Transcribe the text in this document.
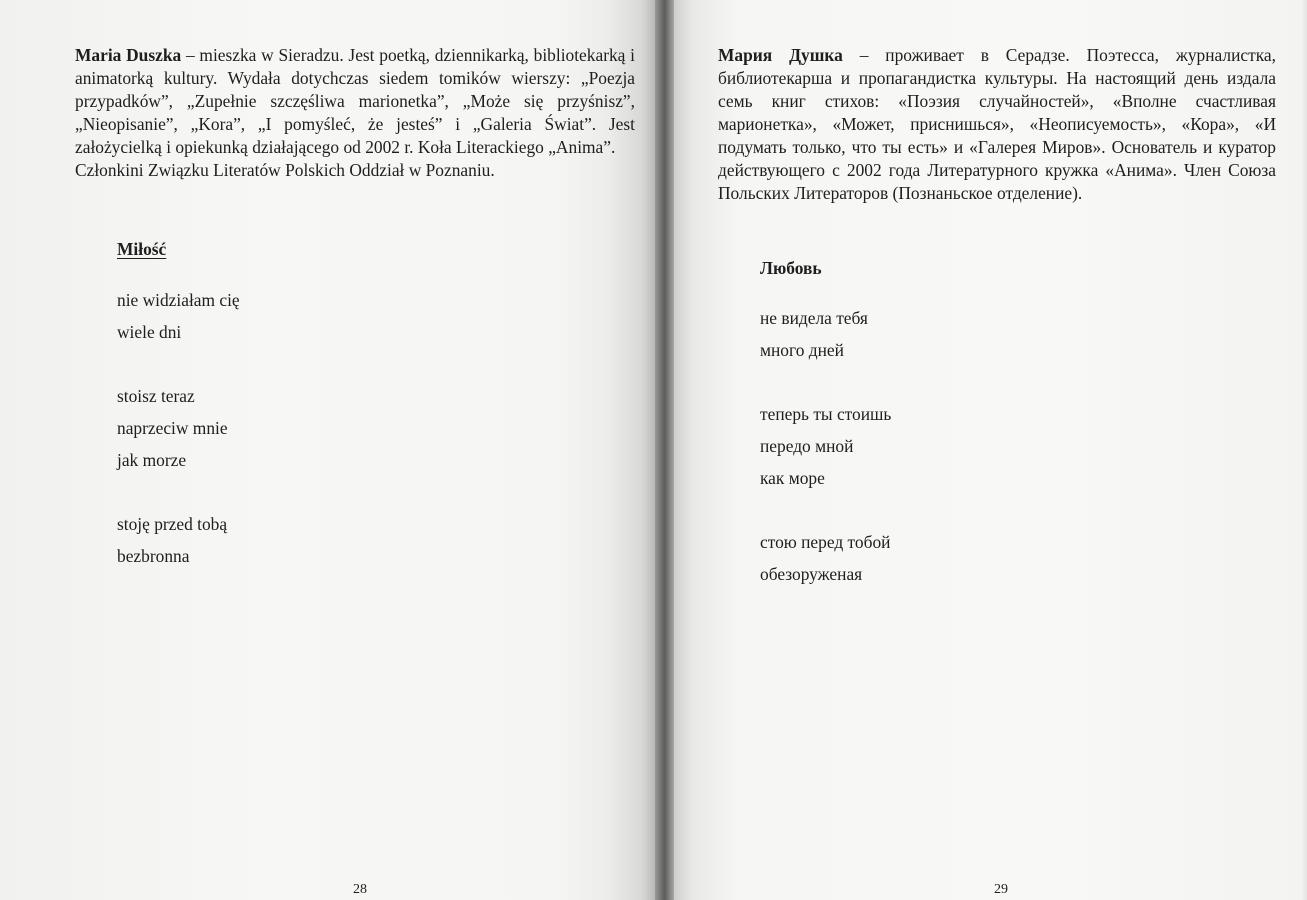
Maria Duszka – mieszka w Sieradzu. Jest poetką, dziennikarką, bibliotekarką i animatorką kultury. Wydała dotychczas siedem tomików wierszy: „Poezja przypadków”, „Zupełnie szczęśliwa marionetka”, „Może się przyśnisz”, „Nieopisanie”, „Kora”, „I pomyśleć, że jesteś” i „Galeria Świat”. Jest założycielką i opiekunką działającego od 2002 r. Koła Literackiego „Anima”.

Członkini Związku Literatów Polskich Oddział w Poznaniu.

Miłość
nie widziałam cię
wiele dni
stoisz teraz
naprzeciw mnie
jak morze
stoję przed tobą
bezbronna
28

Мария Душка – проживает в Серадзе. Поэтесса, журналистка, библиотекарша и пропагандистка культуры. На настоящий день издала семь книг стихов: «Поэзия случайностей», «Вполне счастливая марионетка», «Может, приснишься», «Неописуемость», «Кора», «И подумать только, что ты есть» и «Галерея Миров». Основатель и куратор действующего с 2002 года Литературного кружка «Анима». Член Союза Польских Литераторов (Познаньское отделение).

Любовь
не видела тебя
много дней
теперь ты стоишь
передо мной
как море
стою перед тобой
обезоруженая
29
